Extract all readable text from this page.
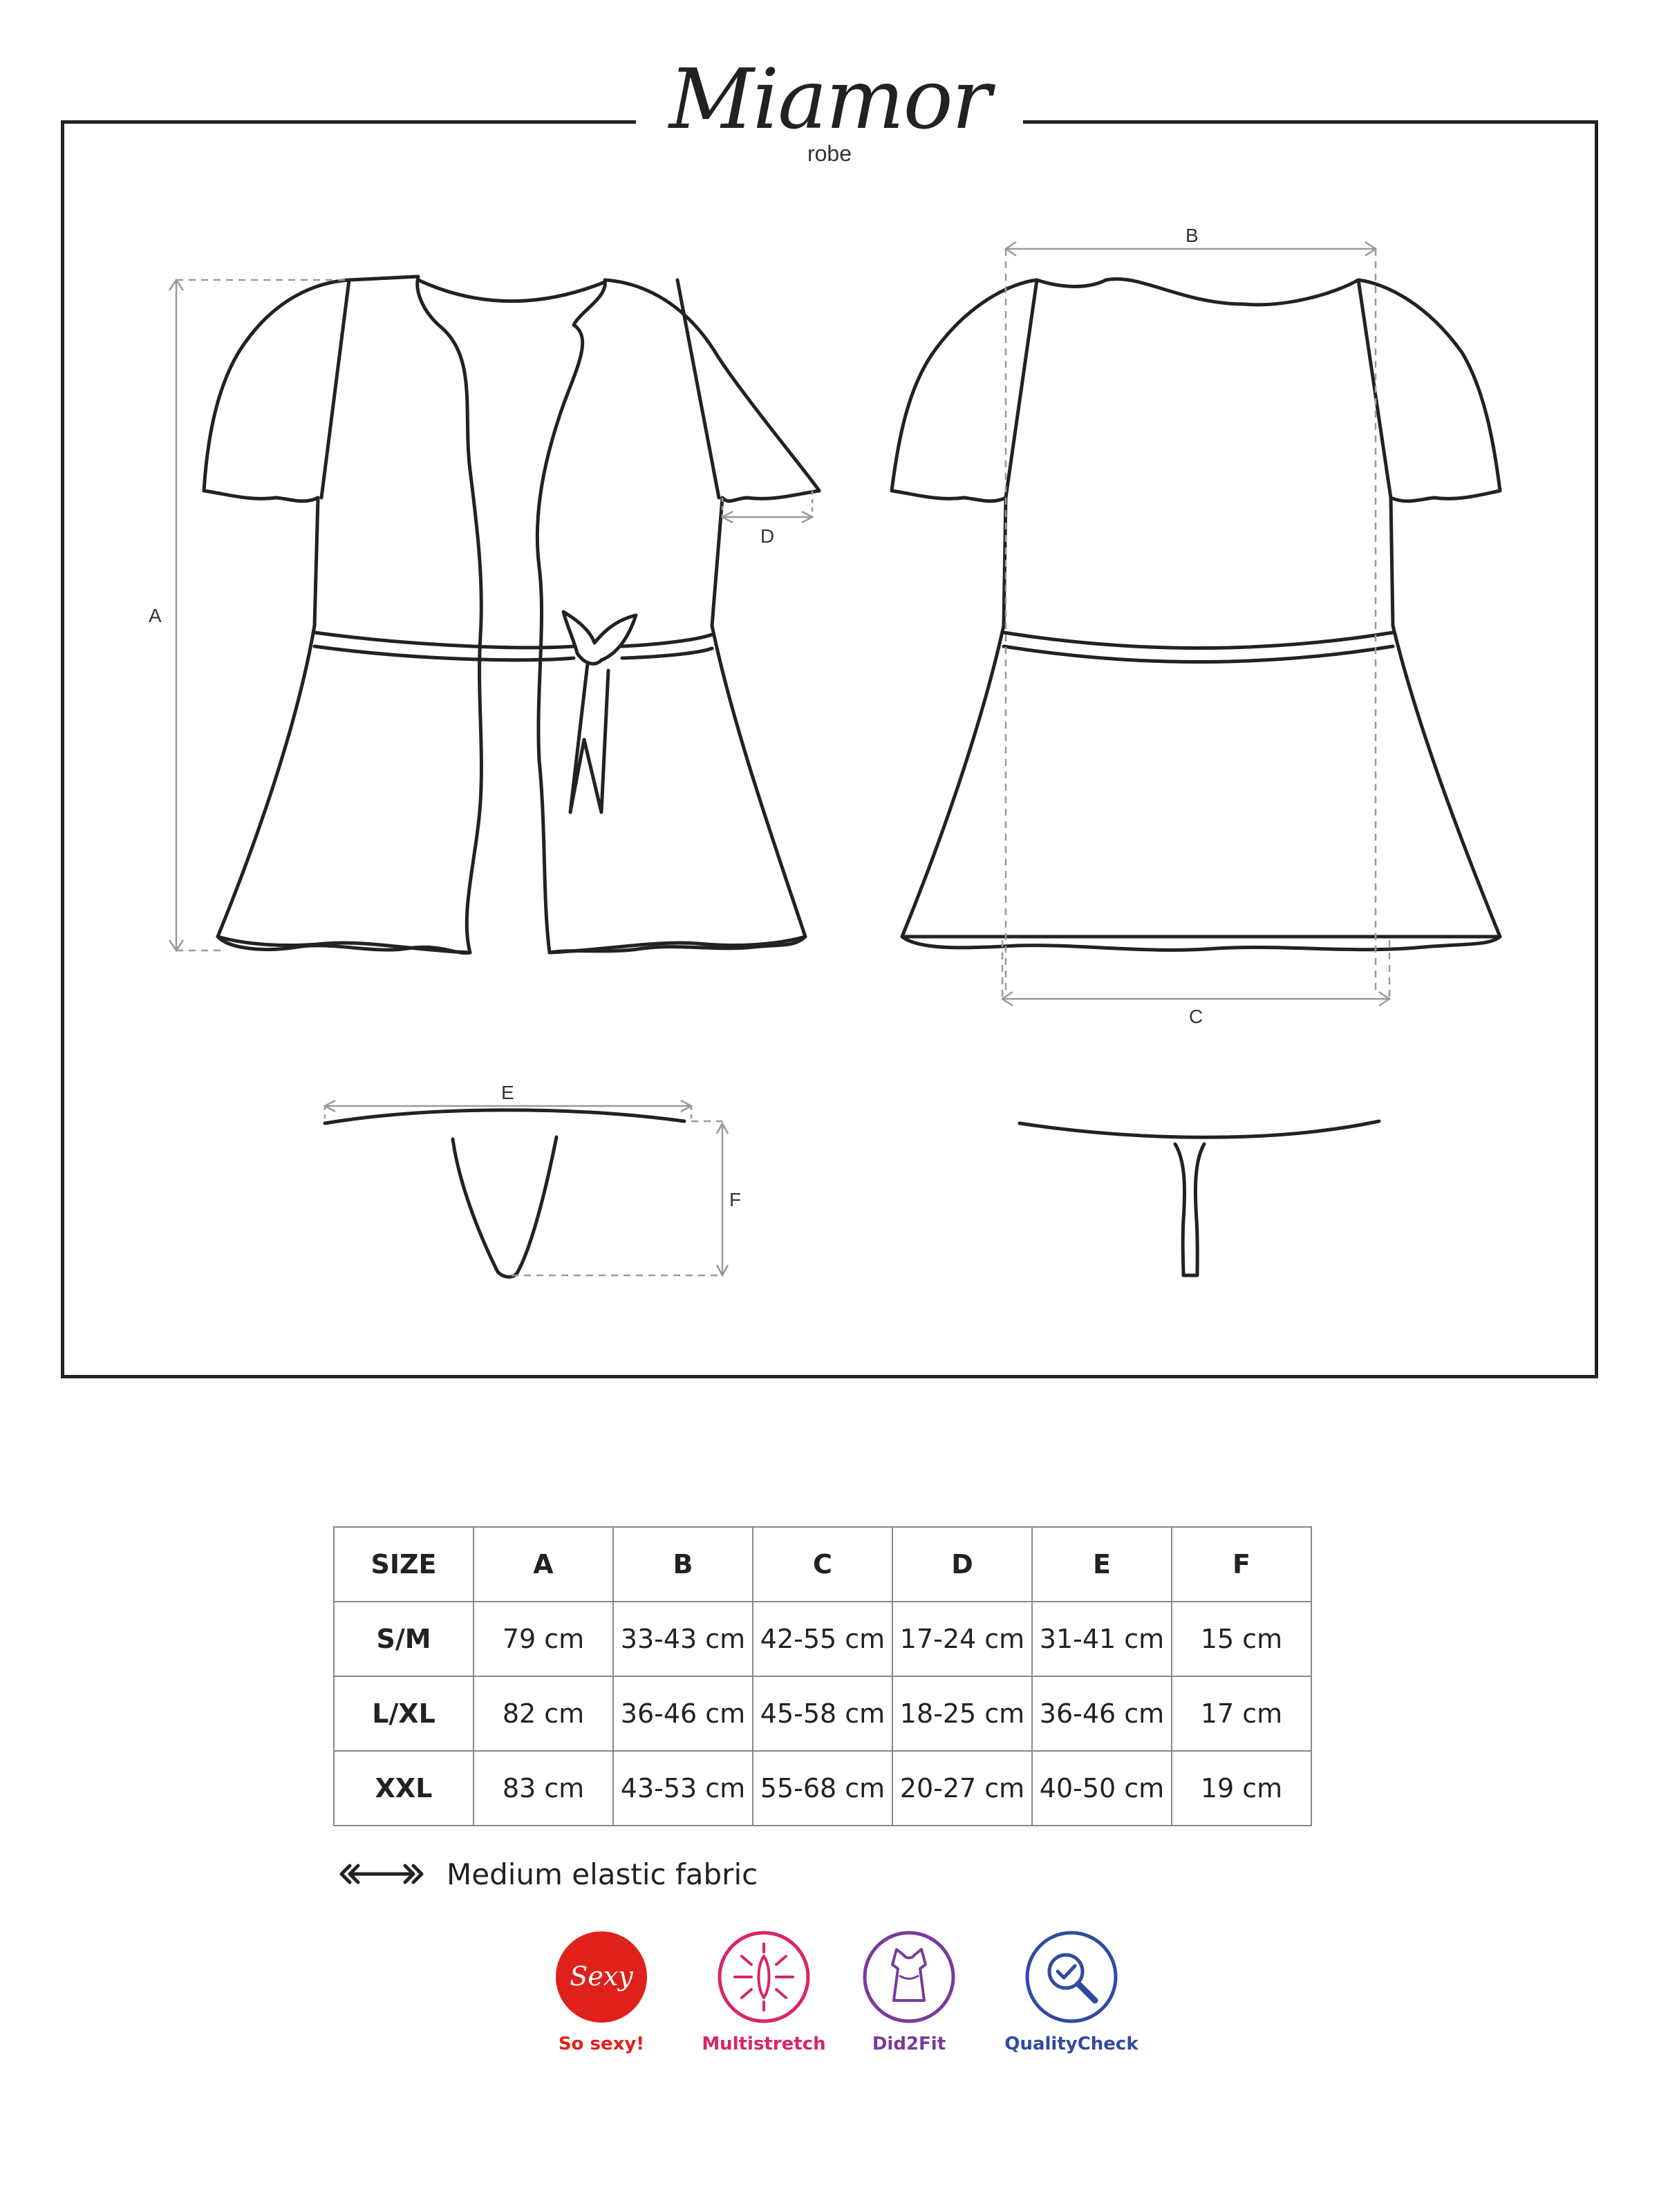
Miamor
robe
A
B
C
D
E
F
SIZE	A	B	C	D	E	F
S/M	79 cm	33-43 cm	42-55 cm	17-24 cm	31-41 cm	15 cm
L/XL	82 cm	36-46 cm	45-58 cm	18-25 cm	36-46 cm	17 cm
XXL	83 cm	43-53 cm	55-68 cm	20-27 cm	40-50 cm	19 cm
Medium elastic fabric
Sexy
So sexy!	Multistretch	Did2Fit	QualityCheck
